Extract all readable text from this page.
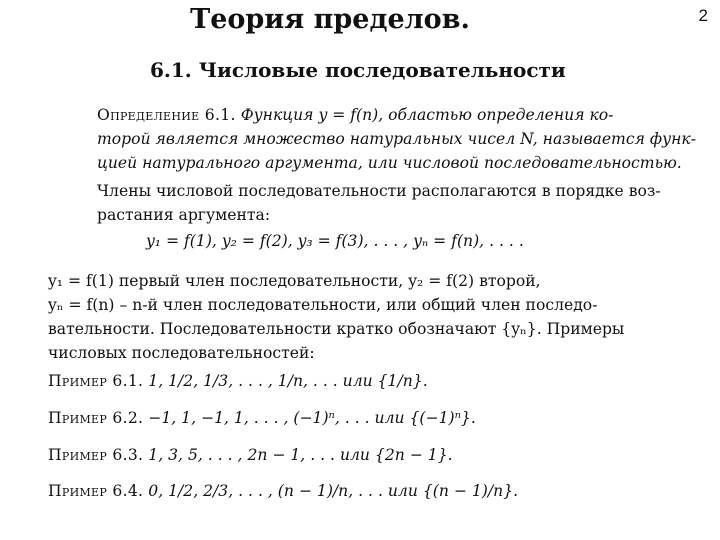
2
Теория пределов.
6.1. Числовые последовательности
Определение 6.1. Функция y = f(n), областью определения ко-
торой является множество натуральных чисел N, называется функ-
цией натурального аргумента, или числовой последовательностью.
Члены числовой последовательности располагаются в порядке воз-
растания аргумента:
y₁ = f(1), y₂ = f(2), y₃ = f(3), . . . , yₙ = f(n), . . . .
y₁ = f(1) первый член последовательности, y₂ = f(2) второй,
yₙ = f(n) – n-й член последовательности, или общий член последо-
вательности. Последовательности кратко обозначают {yₙ}. Примеры
числовых последовательностей:
Пример 6.1. 1, 1/2, 1/3, . . . , 1/n, . . . или {1/n}.
Пример 6.2. −1, 1, −1, 1, . . . , (−1)ⁿ, . . . или {(−1)ⁿ}.
Пример 6.3. 1, 3, 5, . . . , 2n − 1, . . . или {2n − 1}.
Пример 6.4. 0, 1/2, 2/3, . . . , (n − 1)/n, . . . или {(n − 1)/n}.
